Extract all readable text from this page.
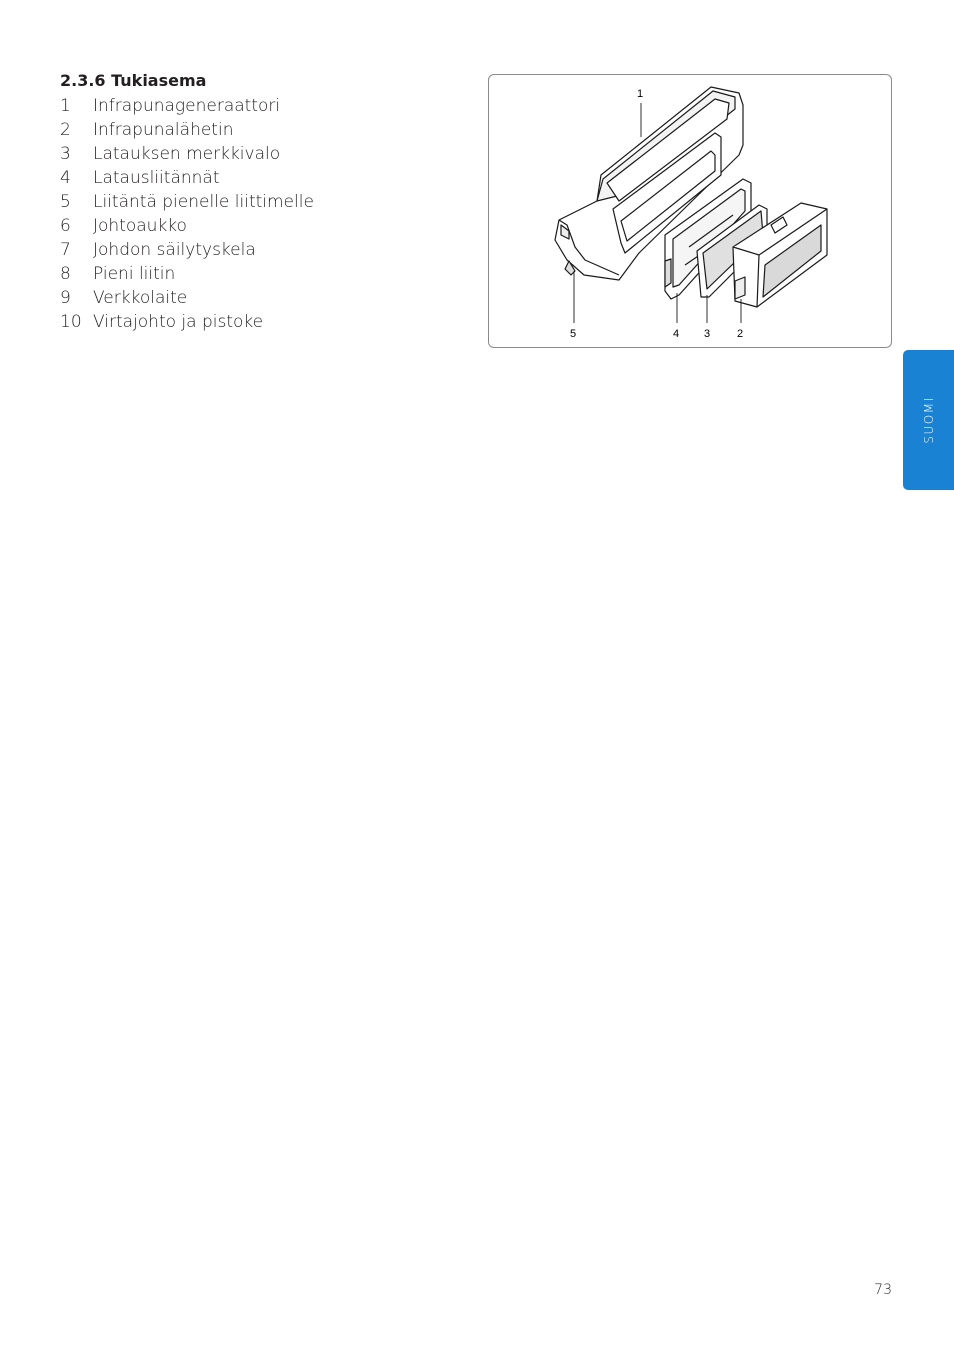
2.3.6 Tukiasema
1	Infrapunageneraattori
2	Infrapunalähetin
3	Latauksen merkkivalo
4	Latausliitännät
5	Liitäntä pienelle liittimelle
6	Johtoaukko
7	Johdon säilytyskela
8	Pieni liitin
9	Verkkolaite
10 Virtajohto ja pistoke
1
5	4 3 2
SUOMI
73
